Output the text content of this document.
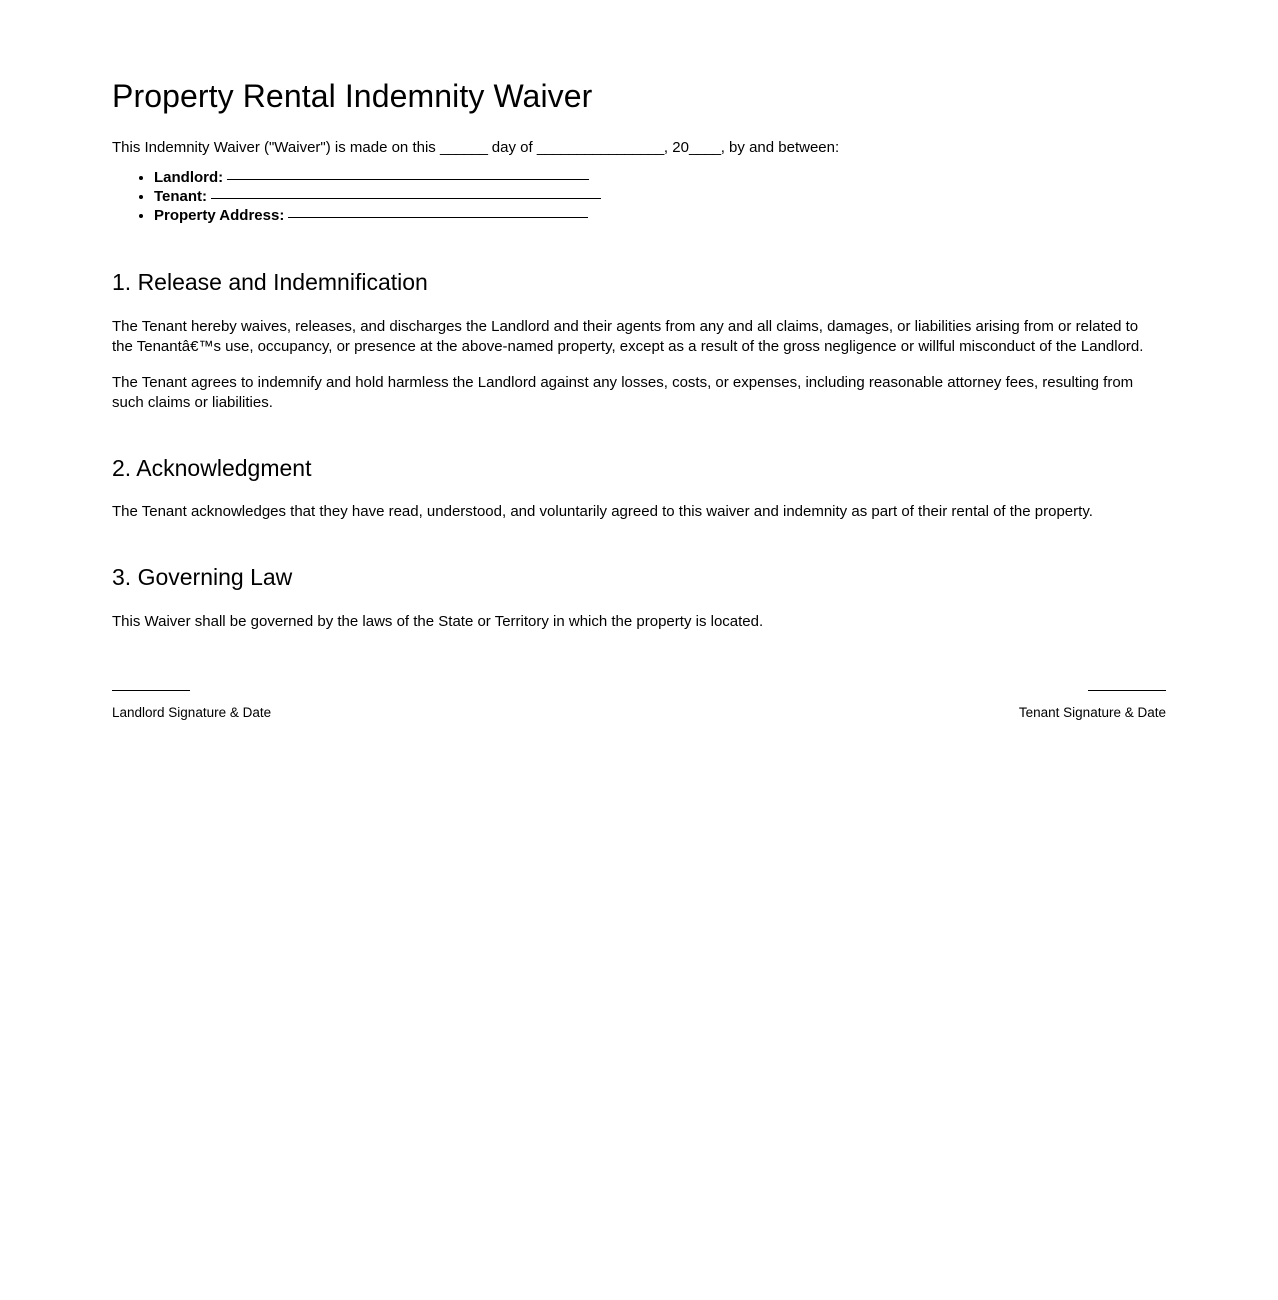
Property Rental Indemnity Waiver

This Indemnity Waiver ("Waiver") is made on this ______ day of ________________, 20____, by and between:

• Landlord:
• Tenant:
• Property Address:
1. Release and Indemnification

The Tenant hereby waives, releases, and discharges the Landlord and their agents from any and all claims, damages, or liabilities arising from or related to the Tenantâ€™s use, occupancy, or presence at the above-named property, except as a result of the gross negligence or willful misconduct of the Landlord.

The Tenant agrees to indemnify and hold harmless the Landlord against any losses, costs, or expenses, including reasonable attorney fees, resulting from such claims or liabilities.

2. Acknowledgment

The Tenant acknowledges that they have read, understood, and voluntarily agreed to this waiver and indemnity as part of their rental of the property.

3. Governing Law

This Waiver shall be governed by the laws of the State or Territory in which the property is located.

Landlord Signature & Date	Tenant Signature & Date
